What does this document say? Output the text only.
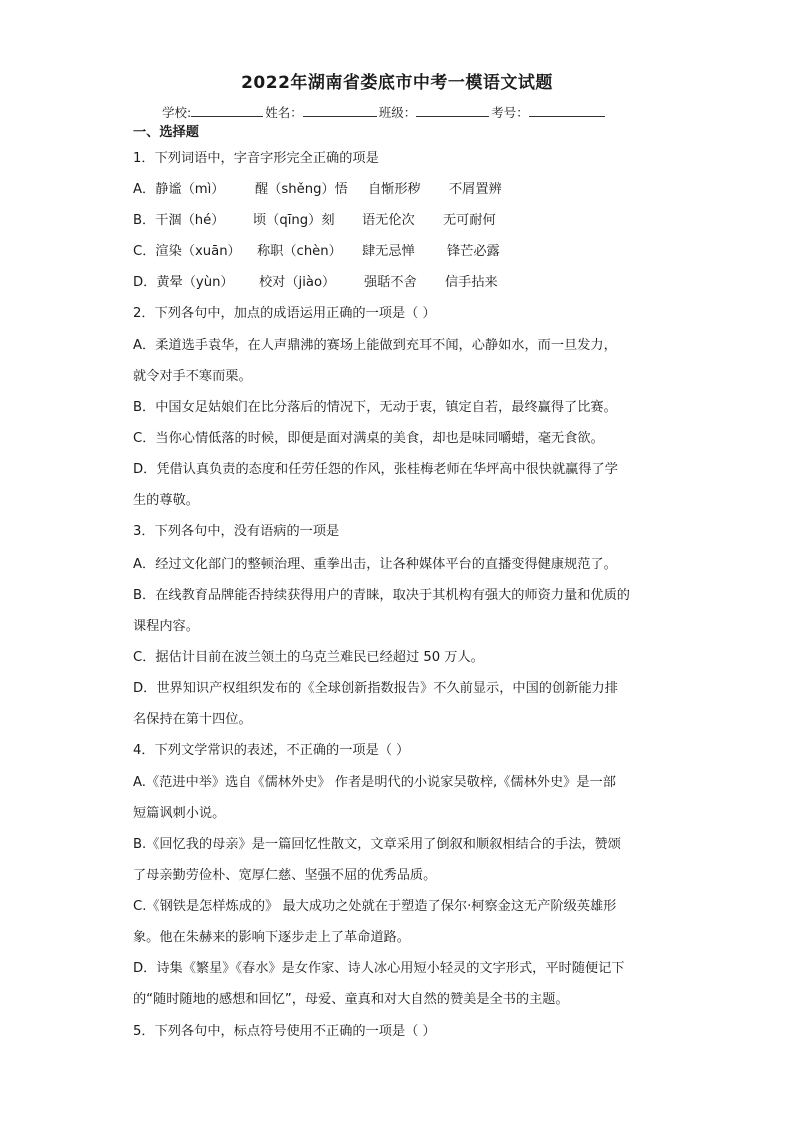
2022年湖南省娄底市中考一模语文试题
学校:	姓名：	班级：	考号：
一、选择题
1．下列词语中，字音字形完全正确的项是
A．静谧（mì） 醒（shěng）悟 自惭形秽 不屑置辨
B．干涸（hé） 顷（qīng）刻 语无伦次 无可耐何
C．渲染（xuān） 称职（chèn） 肆无忌惮 锋芒必露
D．黄晕（yùn） 校对（jiào） 强聒不舍 信手拈来
2．下列各句中，加点的成语运用正确的一项是（ ）
A．柔道选手袁华，在人声鼎沸的赛场上能做到充耳不闻，心静如水，而一旦发力，
就令对手不寒而栗。
B．中国女足姑娘们在比分落后的情况下，无动于衷，镇定自若，最终赢得了比赛。
C．当你心情低落的时候，即便是面对满桌的美食，却也是味同嚼蜡，毫无食欲。
D．凭借认真负责的态度和任劳任怨的作风，张桂梅老师在华坪高中很快就赢得了学
生的尊敬。
3．下列各句中，没有语病的一项是
A．经过文化部门的整顿治理、重拳出击，让各种媒体平台的直播变得健康规范了。
B．在线教育品牌能否持续获得用户的青睐，取决于其机构有强大的师资力量和优质的
课程内容。
C．据估计目前在波兰领土的乌克兰难民已经超过 50 万人。
D．世界知识产权组织发布的《全球创新指数报告》不久前显示，中国的创新能力排
名保持在第十四位。
4．下列文学常识的表述，不正确的一项是（ ）
A.《范进中举》选自《儒林外史》 作者是明代的小说家吴敬梓,《儒林外史》是一部
短篇讽刺小说。
B.《回忆我的母亲》是一篇回忆性散文，文章采用了倒叙和顺叙相结合的手法，赞颂
了母亲勤劳俭朴、宽厚仁慈、坚强不屈的优秀品质。
C.《钢铁是怎样炼成的》 最大成功之处就在于塑造了保尔·柯察金这无产阶级英雄形
象。他在朱赫来的影响下逐步走上了革命道路。
D．诗集《繁星》《春水》是女作家、诗人冰心用短小轻灵的文字形式，平时随便记下
的“随时随地的感想和回忆”，母爱、童真和对大自然的赞美是全书的主题。
5．下列各句中，标点符号使用不正确的一项是（ ）
